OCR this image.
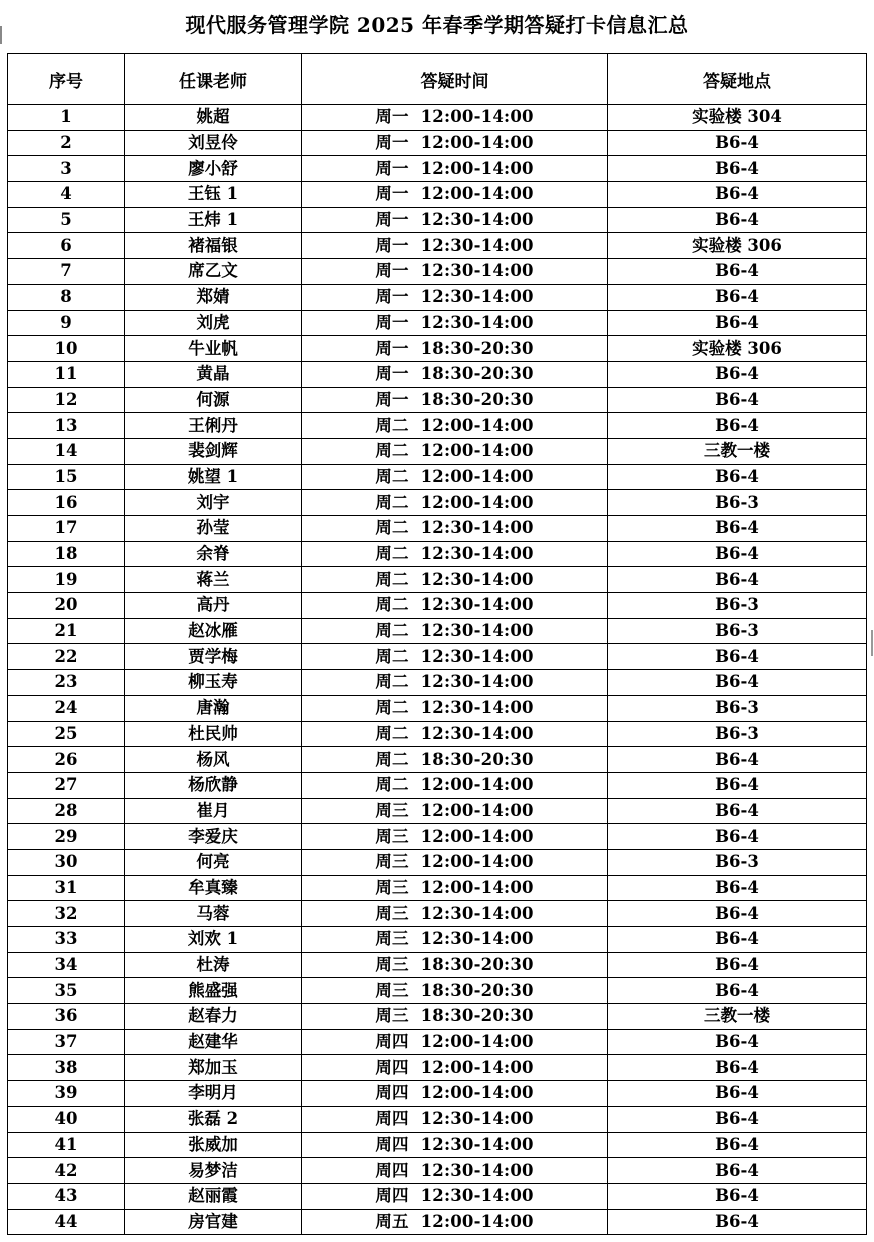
现代服务管理学院 2025 年春季学期答疑打卡信息汇总
序号	任课老师	答疑时间	答疑地点
1	姚超	周一  12:00-14:00	实验楼 304
2	刘昱伶	周一  12:00-14:00	B6-4
3	廖小舒	周一  12:00-14:00	B6-4
4	王钰 1	周一  12:00-14:00	B6-4
5	王炜 1	周一  12:30-14:00	B6-4
6	褚福银	周一  12:30-14:00	实验楼 306
7	席乙文	周一  12:30-14:00	B6-4
8	郑婧	周一  12:30-14:00	B6-4
9	刘虎	周一  12:30-14:00	B6-4
10	牛业帆	周一  18:30-20:30	实验楼 306
11	黄晶	周一  18:30-20:30	B6-4
12	何源	周一  18:30-20:30	B6-4
13	王俐丹	周二  12:00-14:00	B6-4
14	裴剑辉	周二  12:00-14:00	三教一楼
15	姚望 1	周二  12:00-14:00	B6-4
16	刘宇	周二  12:00-14:00	B6-3
17	孙莹	周二  12:30-14:00	B6-4
18	余脊	周二  12:30-14:00	B6-4
19	蒋兰	周二  12:30-14:00	B6-4
20	高丹	周二  12:30-14:00	B6-3
21	赵冰雁	周二  12:30-14:00	B6-3
22	贾学梅	周二  12:30-14:00	B6-4
23	柳玉寿	周二  12:30-14:00	B6-4
24	唐瀚	周二  12:30-14:00	B6-3
25	杜民帅	周二  12:30-14:00	B6-3
26	杨风	周二  18:30-20:30	B6-4
27	杨欣静	周二  12:00-14:00	B6-4
28	崔月	周三  12:00-14:00	B6-4
29	李爱庆	周三  12:00-14:00	B6-4
30	何亮	周三  12:00-14:00	B6-3
31	牟真臻	周三  12:00-14:00	B6-4
32	马蓉	周三  12:30-14:00	B6-4
33	刘欢 1	周三  12:30-14:00	B6-4
34	杜涛	周三  18:30-20:30	B6-4
35	熊盛强	周三  18:30-20:30	B6-4
36	赵春力	周三  18:30-20:30	三教一楼
37	赵建华	周四  12:00-14:00	B6-4
38	郑加玉	周四  12:00-14:00	B6-4
39	李明月	周四  12:00-14:00	B6-4
40	张磊 2	周四  12:30-14:00	B6-4
41	张威加	周四  12:30-14:00	B6-4
42	易梦洁	周四  12:30-14:00	B6-4
43	赵丽霞	周四  12:30-14:00	B6-4
44	房官建	周五  12:00-14:00	B6-4
